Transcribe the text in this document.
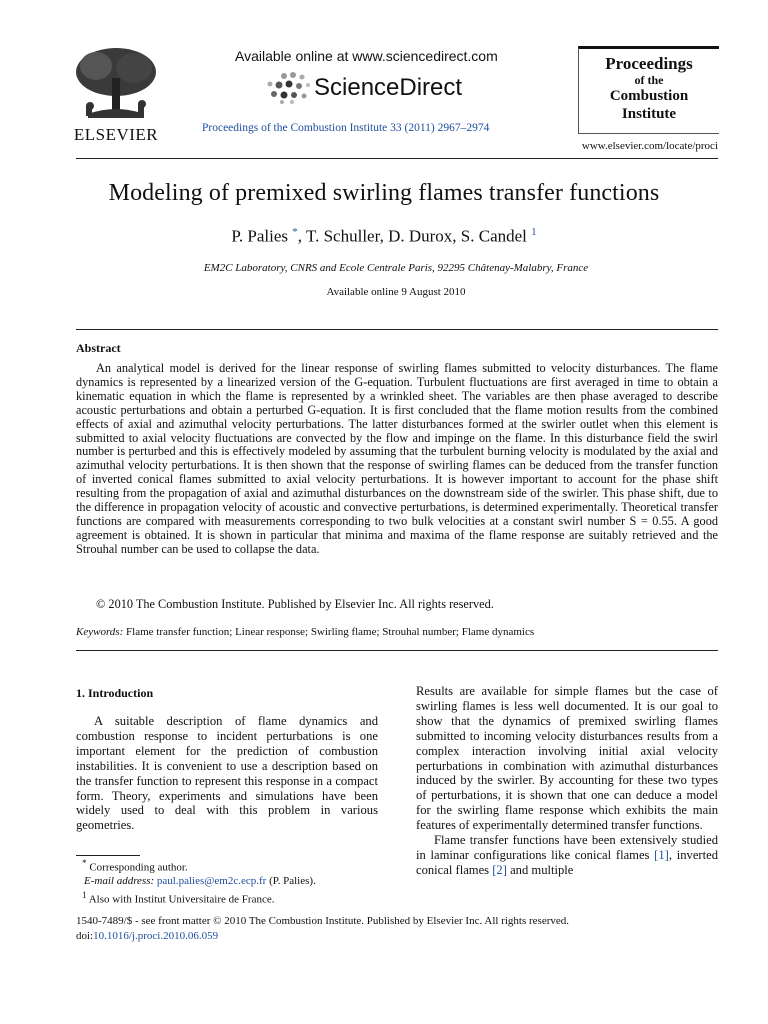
ELSEVIER
Available online at www.sciencedirect.com
ScienceDirect
Proceedings of the Combustion Institute 33 (2011) 2967–2974
Proceedings
of the
Combustion
Institute
www.elsevier.com/locate/proci
Modeling of premixed swirling flames transfer functions
P. Palies *, T. Schuller, D. Durox, S. Candel $^1$
EM2C Laboratory, CNRS and Ecole Centrale Paris, 92295 Châtenay-Malabry, France
Available online 9 August 2010
Abstract
An analytical model is derived for the linear response of swirling flames submitted to velocity disturbances. The flame dynamics is represented by a linearized version of the G-equation. Turbulent fluctuations are first averaged in time to obtain a kinematic equation in which the flame is represented by a wrinkled sheet. The variables are then phase averaged to describe acoustic perturbations and obtain a perturbed G-equation. It is first concluded that the flame motion results from the combined effects of axial and azimuthal velocity perturbations. The latter disturbances formed at the swirler outlet when this element is submitted to axial velocity fluctuations are convected by the flow and impinge on the flame. In this disturbance field the swirl number is perturbed and this is effectively modeled by assuming that the turbulent burning velocity is modulated by the axial and azimuthal velocity perturbations. It is then shown that the response of swirling flames can be deduced from the transfer function of inverted conical flames submitted to axial velocity perturbations. It is however important to account for the phase shift resulting from the propagation of axial and azimuthal disturbances on the downstream side of the swirler. This phase shift, due to the difference in propagation velocity of acoustic and convective perturbations, is determined experimentally. Theoretical transfer functions are compared with measurements corresponding to two bulk velocities at a constant swirl number S = 0.55. A good agreement is obtained. It is shown in particular that minima and maxima of the flame response are suitably retrieved and the Strouhal number can be used to collapse the data.
© 2010 The Combustion Institute. Published by Elsevier Inc. All rights reserved.
Keywords: Flame transfer function; Linear response; Swirling flame; Strouhal number; Flame dynamics
1. Introduction
A suitable description of flame dynamics and combustion response to incident perturbations is one important element for the prediction of combustion instabilities. It is convenient to use a description based on the transfer function to represent this response in a compact form. Theory, experiments and simulations have been widely used to deal with this problem in various geometries.
* Corresponding author.
E-mail address: paul.palies@em2c.ecp.fr (P. Palies).
$^1$ Also with Institut Universitaire de France.

Results are available for simple flames but the case of swirling flames is less well documented. It is our goal to show that the dynamics of premixed swirling flames submitted to incoming velocity disturbances results from a complex interaction involving initial axial velocity perturbations in combination with azimuthal disturbances induced by the swirler. By accounting for these two types of perturbations, it is shown that one can deduce a model for the swirling flame response which exhibits the main features of experimentally determined transfer functions.

Flame transfer functions have been extensively studied in laminar configurations like conical flames [1], inverted conical flames [2] and multiple

1540-7489/$ - see front matter © 2010 The Combustion Institute. Published by Elsevier Inc. All rights reserved.
doi:10.1016/j.proci.2010.06.059
